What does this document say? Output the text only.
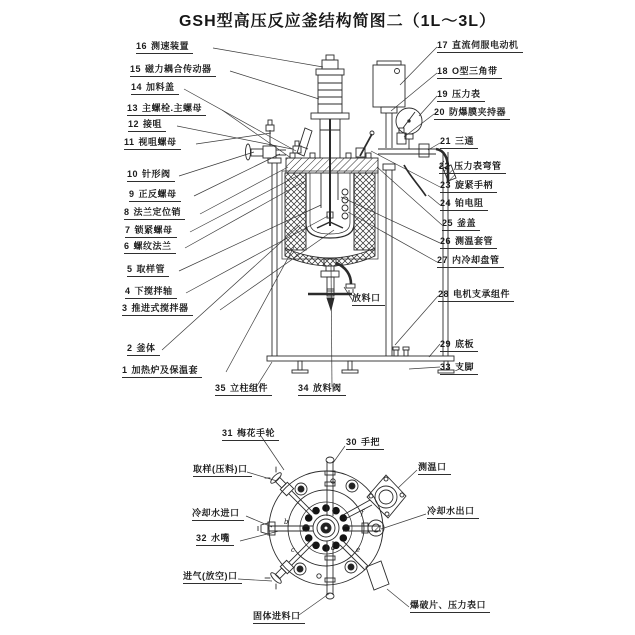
b
c	d	e
f
GSH型高压反应釜结构简图二（1L～3L）
16 测速装置
15 磁力耦合传动器
14 加料盖
13 主螺栓.主螺母
12 接咀
11 视咀螺母
10 针形阀
9 正反螺母
8 法兰定位销
7 锁紧螺母
6 螺纹法兰
5 取样管
4 下搅拌轴
3 推进式搅拌器
2 釜体
1 加热炉及保温套
17 直流伺服电动机
18 O型三角带
19 压力表
20 防爆膜夹持器
21 三通
22 压力表弯管
23 旋紧手柄
24 铂电阻
25 釜盖
26 测温套管
27 内冷却盘管
28 电机支承组件
29 底板
33 支脚
放料口
35 立柱组件	34 放料阀
31 梅花手轮
30 手把
取样(压料)口	测温口
冷却水进口	冷却水出口
32 水嘴
进气(放空)口
固体进料口
爆破片、压力表口
